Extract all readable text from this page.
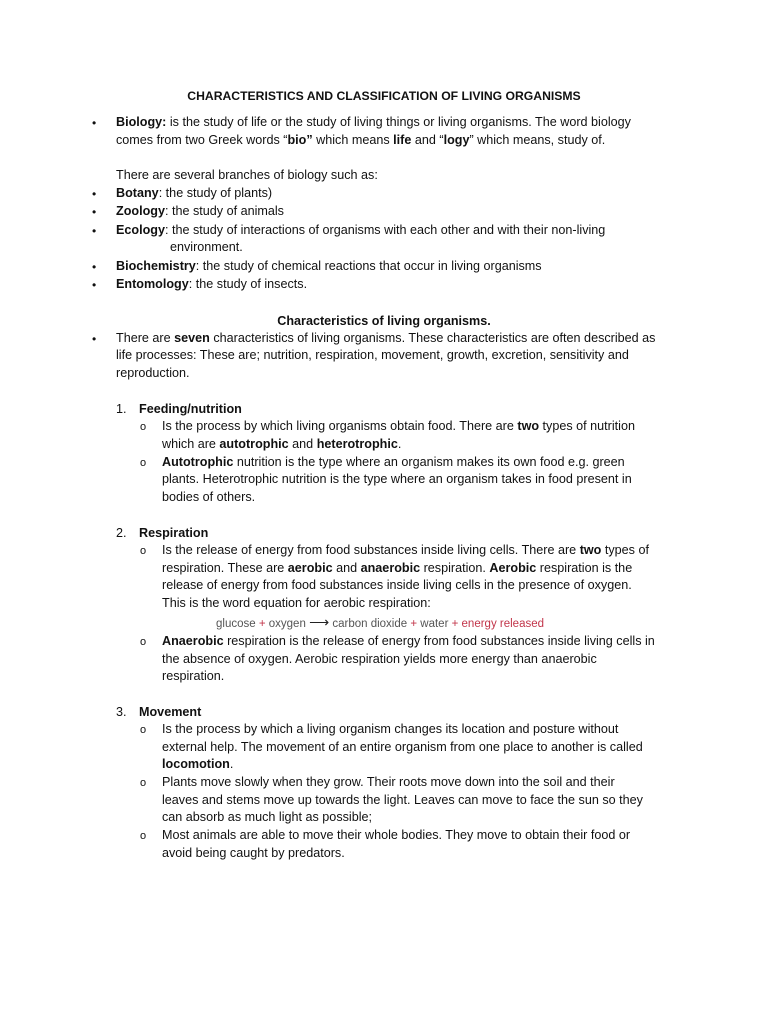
CHARACTERISTICS AND CLASSIFICATION OF LIVING ORGANISMS
• Biology: is the study of life or the study of living things or living organisms. The word biology
comes from two Greek words “bio” which means life and “logy” which means, study of.
There are several branches of biology such as:
• Botany: the study of plants)
• Zoology: the study of animals
• Ecology: the study of interactions of organisms with each other and with their non-living
environment.
• Biochemistry: the study of chemical reactions that occur in living organisms
• Entomology: the study of insects.
Characteristics of living organisms.
• There are seven characteristics of living organisms. These characteristics are often described as
life processes: These are; nutrition, respiration, movement, growth, excretion, sensitivity and
reproduction.
1. Feeding/nutrition
o Is the process by which living organisms obtain food. There are two types of nutrition
which are autotrophic and heterotrophic.
o Autotrophic nutrition is the type where an organism makes its own food e.g. green
plants. Heterotrophic nutrition is the type where an organism takes in food present in
bodies of others.
2. Respiration
o Is the release of energy from food substances inside living cells. There are two types of
respiration. These are aerobic and anaerobic respiration. Aerobic respiration is the
release of energy from food substances inside living cells in the presence of oxygen.
This is the word equation for aerobic respiration:
glucose + oxygen ⟶ carbon dioxide + water + energy released
o Anaerobic respiration is the release of energy from food substances inside living cells in
the absence of oxygen. Aerobic respiration yields more energy than anaerobic
respiration.
3. Movement
o Is the process by which a living organism changes its location and posture without
external help. The movement of an entire organism from one place to another is called
locomotion.
o Plants move slowly when they grow. Their roots move down into the soil and their
leaves and stems move up towards the light. Leaves can move to face the sun so they
can absorb as much light as possible;
o Most animals are able to move their whole bodies. They move to obtain their food or
avoid being caught by predators.
